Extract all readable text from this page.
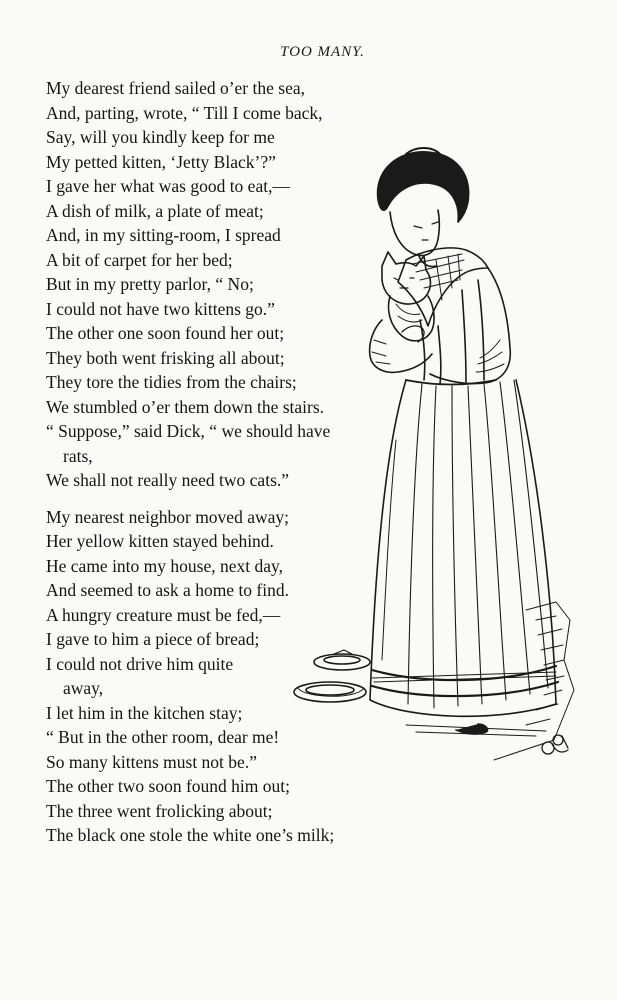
TOO MANY.
My dearest friend sailed o’er the sea,
And, parting, wrote, “ Till I come back,
Say, will you kindly keep for me
My petted kitten, ‘Jetty Black’?”
I gave her what was good to eat,—
A dish of milk, a plate of meat;
And, in my sitting-room, I spread
A bit of carpet for her bed;
But in my pretty parlor, “ No;
I could not have two kittens go.”
The other one soon found her out;
They both went frisking all about;
They tore the tidies from the chairs;
We stumbled o’er them down the stairs.
“ Suppose,” said Dick, “ we should have
rats,
We shall not really need two cats.”
My nearest neighbor moved away;
Her yellow kitten stayed behind.
He came into my house, next day,
And seemed to ask a home to find.
A hungry creature must be fed,—
I gave to him a piece of bread;
I could not drive him quite
away,
I let him in the kitchen stay;
“ But in the other room, dear me!
So many kittens must not be.”
The other two soon found him out;
The three went frolicking about;
The black one stole the white one’s milk;
